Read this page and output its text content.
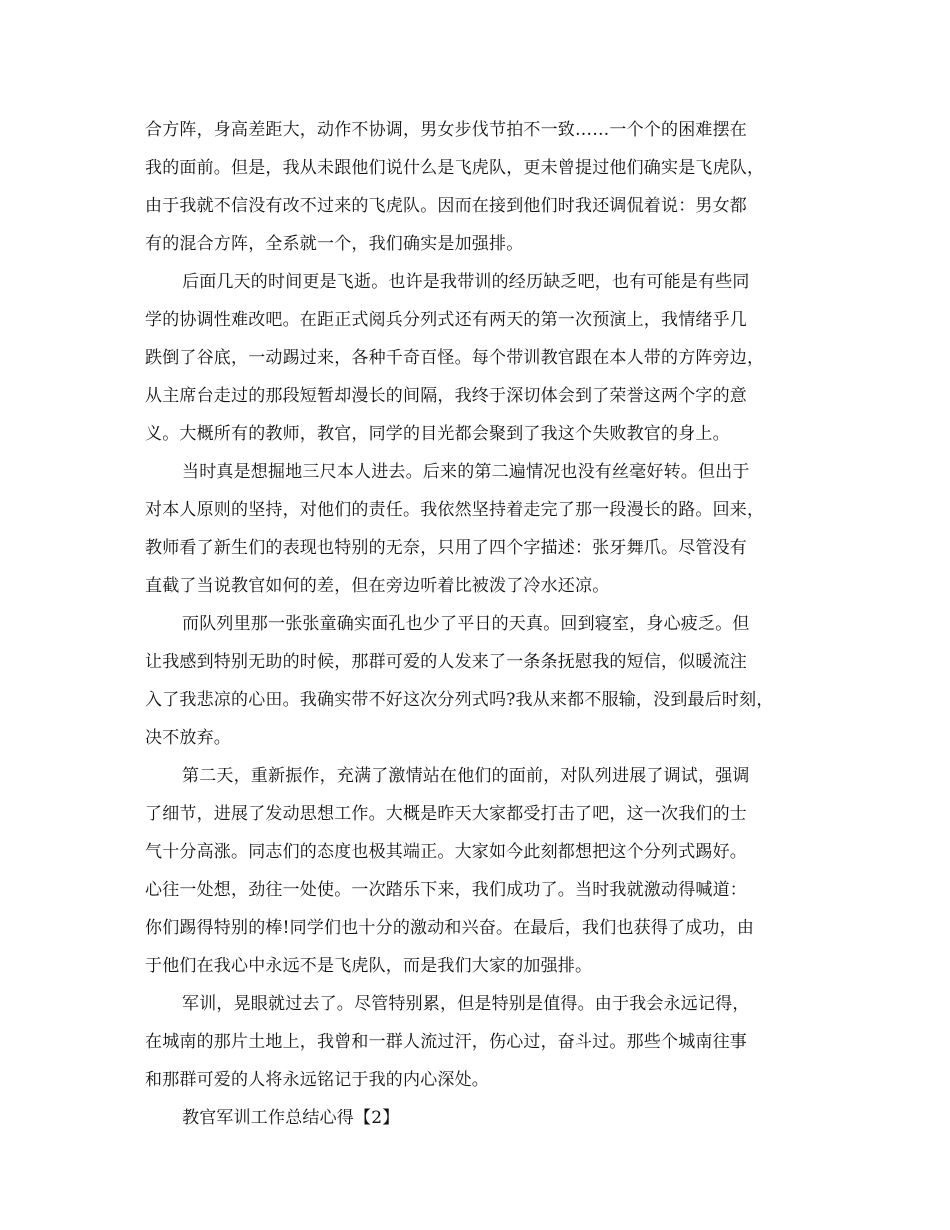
合方阵，身高差距大，动作不协调，男女步伐节拍不一致……一个个的困难摆在
我的面前。但是，我从未跟他们说什么是飞虎队，更未曾提过他们确实是飞虎队，
由于我就不信没有改不过来的飞虎队。因而在接到他们时我还调侃着说：男女都
有的混合方阵，全系就一个，我们确实是加强排。
后面几天的时间更是飞逝。也许是我带训的经历缺乏吧，也有可能是有些同
学的协调性难改吧。在距正式阅兵分列式还有两天的第一次预演上，我情绪乎几
跌倒了谷底，一动踢过来，各种千奇百怪。每个带训教官跟在本人带的方阵旁边，
从主席台走过的那段短暂却漫长的间隔，我终于深切体会到了荣誉这两个字的意
义。大概所有的教师，教官，同学的目光都会聚到了我这个失败教官的身上。
当时真是想掘地三尺本人进去。后来的第二遍情况也没有丝毫好转。但出于
对本人原则的坚持，对他们的责任。我依然坚持着走完了那一段漫长的路。回来，
教师看了新生们的表现也特别的无奈，只用了四个字描述：张牙舞爪。尽管没有
直截了当说教官如何的差，但在旁边听着比被泼了冷水还凉。
而队列里那一张张童确实面孔也少了平日的天真。回到寝室，身心疲乏。但
让我感到特别无助的时候，那群可爱的人发来了一条条抚慰我的短信，似暖流注
入了我悲凉的心田。我确实带不好这次分列式吗?我从来都不服输，没到最后时刻，
决不放弃。
第二天，重新振作，充满了激情站在他们的面前，对队列进展了调试，强调
了细节，进展了发动思想工作。大概是昨天大家都受打击了吧，这一次我们的士
气十分高涨。同志们的态度也极其端正。大家如今此刻都想把这个分列式踢好。
心往一处想，劲往一处使。一次踏乐下来，我们成功了。当时我就激动得喊道：
你们踢得特别的棒!同学们也十分的激动和兴奋。在最后，我们也获得了成功，由
于他们在我心中永远不是飞虎队，而是我们大家的加强排。
军训，晃眼就过去了。尽管特别累，但是特别是值得。由于我会永远记得，
在城南的那片土地上，我曾和一群人流过汗，伤心过，奋斗过。那些个城南往事
和那群可爱的人将永远铭记于我的内心深处。
教官军训工作总结心得【2】
